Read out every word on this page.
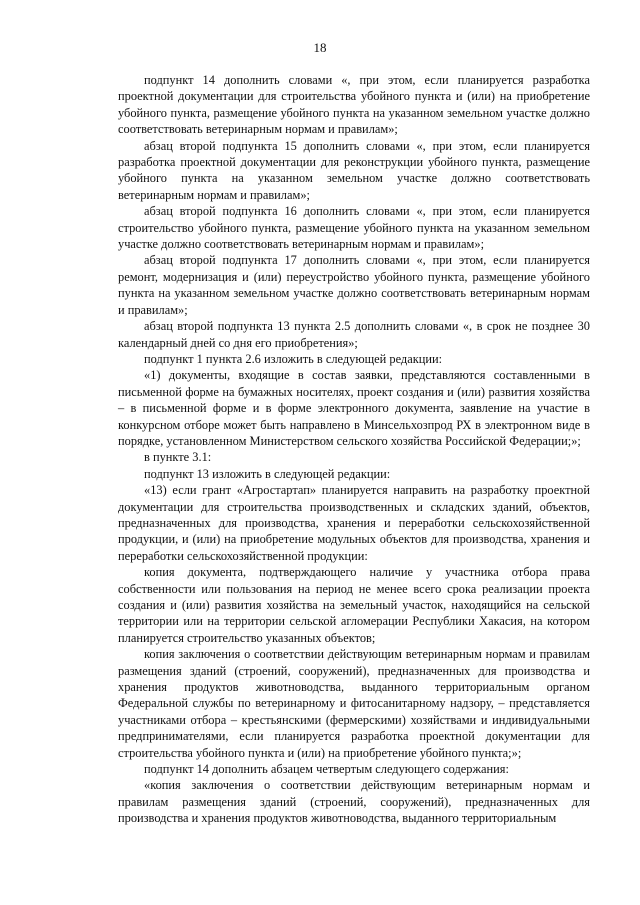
18

подпункт 14 дополнить словами «, при этом, если планируется разработка проектной документации для строительства убойного пункта и (или) на приобретение убойного пункта, размещение убойного пункта на указанном земельном участке должно соответствовать ветеринарным нормам и правилам»;

абзац второй подпункта 15 дополнить словами «, при этом, если планируется разработка проектной документации для реконструкции убойного пункта, размещение убойного пункта на указанном земельном участке должно соответствовать ветеринарным нормам и правилам»;

абзац второй подпункта 16 дополнить словами «, при этом, если планируется строительство убойного пункта, размещение убойного пункта на указанном земельном участке должно соответствовать ветеринарным нормам и правилам»;

абзац второй подпункта 17 дополнить словами «, при этом, если планируется ремонт, модернизация и (или) переустройство убойного пункта, размещение убойного пункта на указанном земельном участке должно соответствовать ветеринарным нормам и правилам»;

абзац второй подпункта 13 пункта 2.5 дополнить словами «, в срок не позднее 30 календарный дней со дня его приобретения»;

подпункт 1 пункта 2.6 изложить в следующей редакции:

«1) документы, входящие в состав заявки, представляются составленными в письменной форме на бумажных носителях, проект создания и (или) развития хозяйства – в письменной форме и в форме электронного документа, заявление на участие в конкурсном отборе может быть направлено в Минсельхозпрод РХ в электронном виде в порядке, установленном Министерством сельского хозяйства Российской Федерации;»;

в пункте 3.1:

подпункт 13 изложить в следующей редакции:

«13) если грант «Агростартап» планируется направить на разработку проектной документации для строительства производственных и складских зданий, объектов, предназначенных для производства, хранения и переработки сельскохозяйственной продукции, и (или) на приобретение модульных объектов для производства, хранения и переработки сельскохозяйственной продукции:

копия документа, подтверждающего наличие у участника отбора права собственности или пользования на период не менее всего срока реализации проекта создания и (или) развития хозяйства на земельный участок, находящийся на сельской территории или на территории сельской агломерации Республики Хакасия, на котором планируется строительство указанных объектов;

копия заключения о соответствии действующим ветеринарным нормам и правилам размещения зданий (строений, сооружений), предназначенных для производства и хранения продуктов животноводства, выданного территориальным органом Федеральной службы по ветеринарному и фитосанитарному надзору, – представляется участниками отбора – крестьянскими (фермерскими) хозяйствами и индивидуальными предпринимателями, если планируется разработка проектной документации для строительства убойного пункта и (или) на приобретение убойного пункта;»;

подпункт 14 дополнить абзацем четвертым следующего содержания:

«копия заключения о соответствии действующим ветеринарным нормам и правилам размещения зданий (строений, сооружений), предназначенных для производства и хранения продуктов животноводства, выданного территориальным
